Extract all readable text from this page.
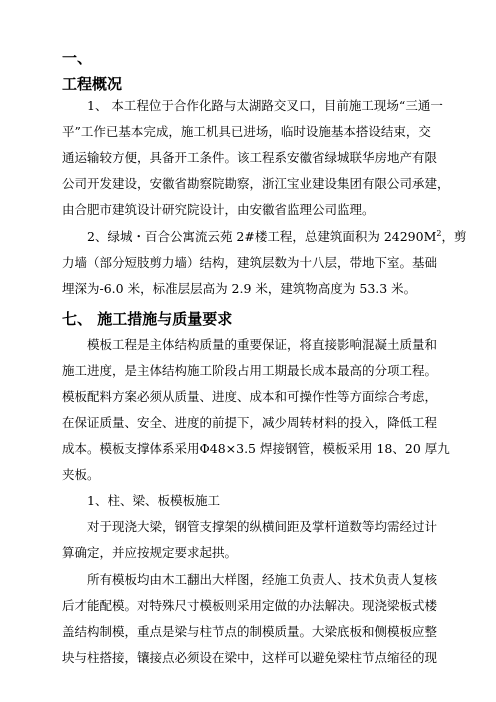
一、
工程概况
1、 本工程位于合作化路与太湖路交叉口，目前施工现场“三通一
平”工作已基本完成，施工机具已进场，临时设施基本搭设结束，交
通运输较方便，具备开工条件。该工程系安徽省绿城联华房地产有限
公司开发建设，安徽省勘察院勘察，浙江宝业建设集团有限公司承建，
由合肥市建筑设计研究院设计，由安徽省监理公司监理。
2、绿城・百合公寓流云苑 2#楼工程，总建筑面积为 $24290M^2$，剪
力墙（部分短肢剪力墙）结构，建筑层数为十八层，带地下室。基础
埋深为-6.0 米，标准层层高为 2.9 米，建筑物高度为 53.3 米。
七、 施工措施与质量要求
模板工程是主体结构质量的重要保证，将直接影响混凝土质量和
施工进度，是主体结构施工阶段占用工期最长成本最高的分项工程。
模板配料方案必须从质量、进度、成本和可操作性等方面综合考虑，
在保证质量、安全、进度的前提下，减少周转材料的投入，降低工程
成本。模板支撑体系采用Φ48×3.5 焊接钢管，模板采用 18、20 厚九
夹板。
1、柱、梁、板模板施工
对于现浇大梁，钢管支撑架的纵横间距及掌杆道数等均需经过计
算确定，并应按规定要求起拱。
所有模板均由木工翻出大样图，经施工负责人、技术负责人复核
后才能配模。对特殊尺寸模板则采用定做的办法解决。现浇梁板式楼
盖结构制模，重点是梁与柱节点的制模质量。大梁底板和侧模板应整
块与柱搭接，镶接点必须设在梁中，这样可以避免梁柱节点缩径的现
